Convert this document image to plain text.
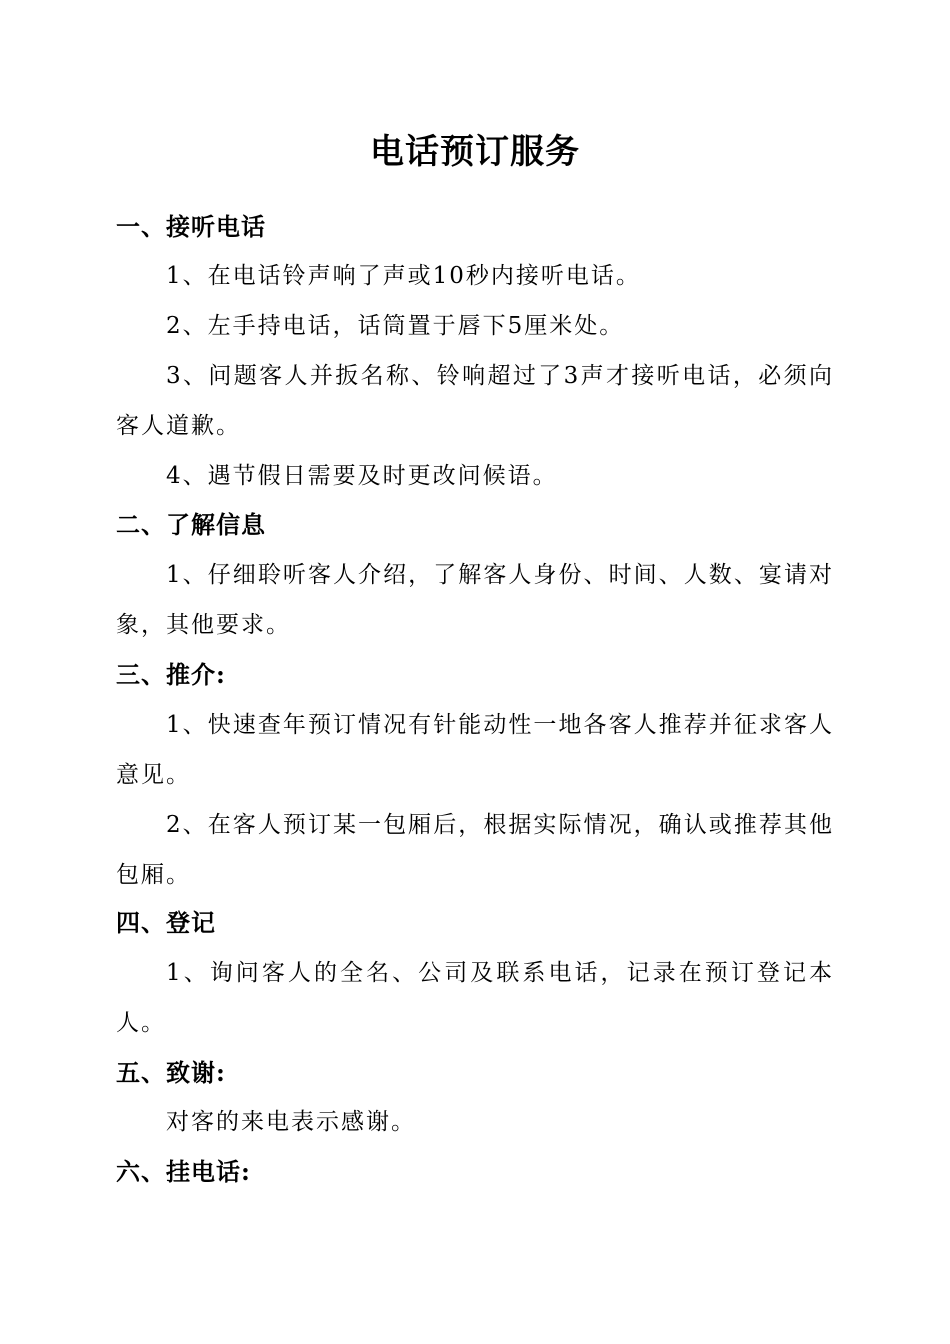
电话预订服务
一、接听电话

1、在电话铃声响了声或10秒内接听电话。

2、左手持电话，话筒置于唇下5厘米处。

3、问题客人并扳名称、铃响超过了3声才接听电话，必须向客人道歉。

4、遇节假日需要及时更改问候语。

二、了解信息

1、仔细聆听客人介绍，了解客人身份、时间、人数、宴请对象，其他要求。

三、推介:

1、快速查年预订情况有针能动性一地各客人推荐并征求客人意见。

2、在客人预订某一包厢后，根据实际情况，确认或推荐其他包厢。

四、登记

1、询问客人的全名、公司及联系电话，记录在预订登记本人。

五、致谢:

对客的来电表示感谢。

六、挂电话:
